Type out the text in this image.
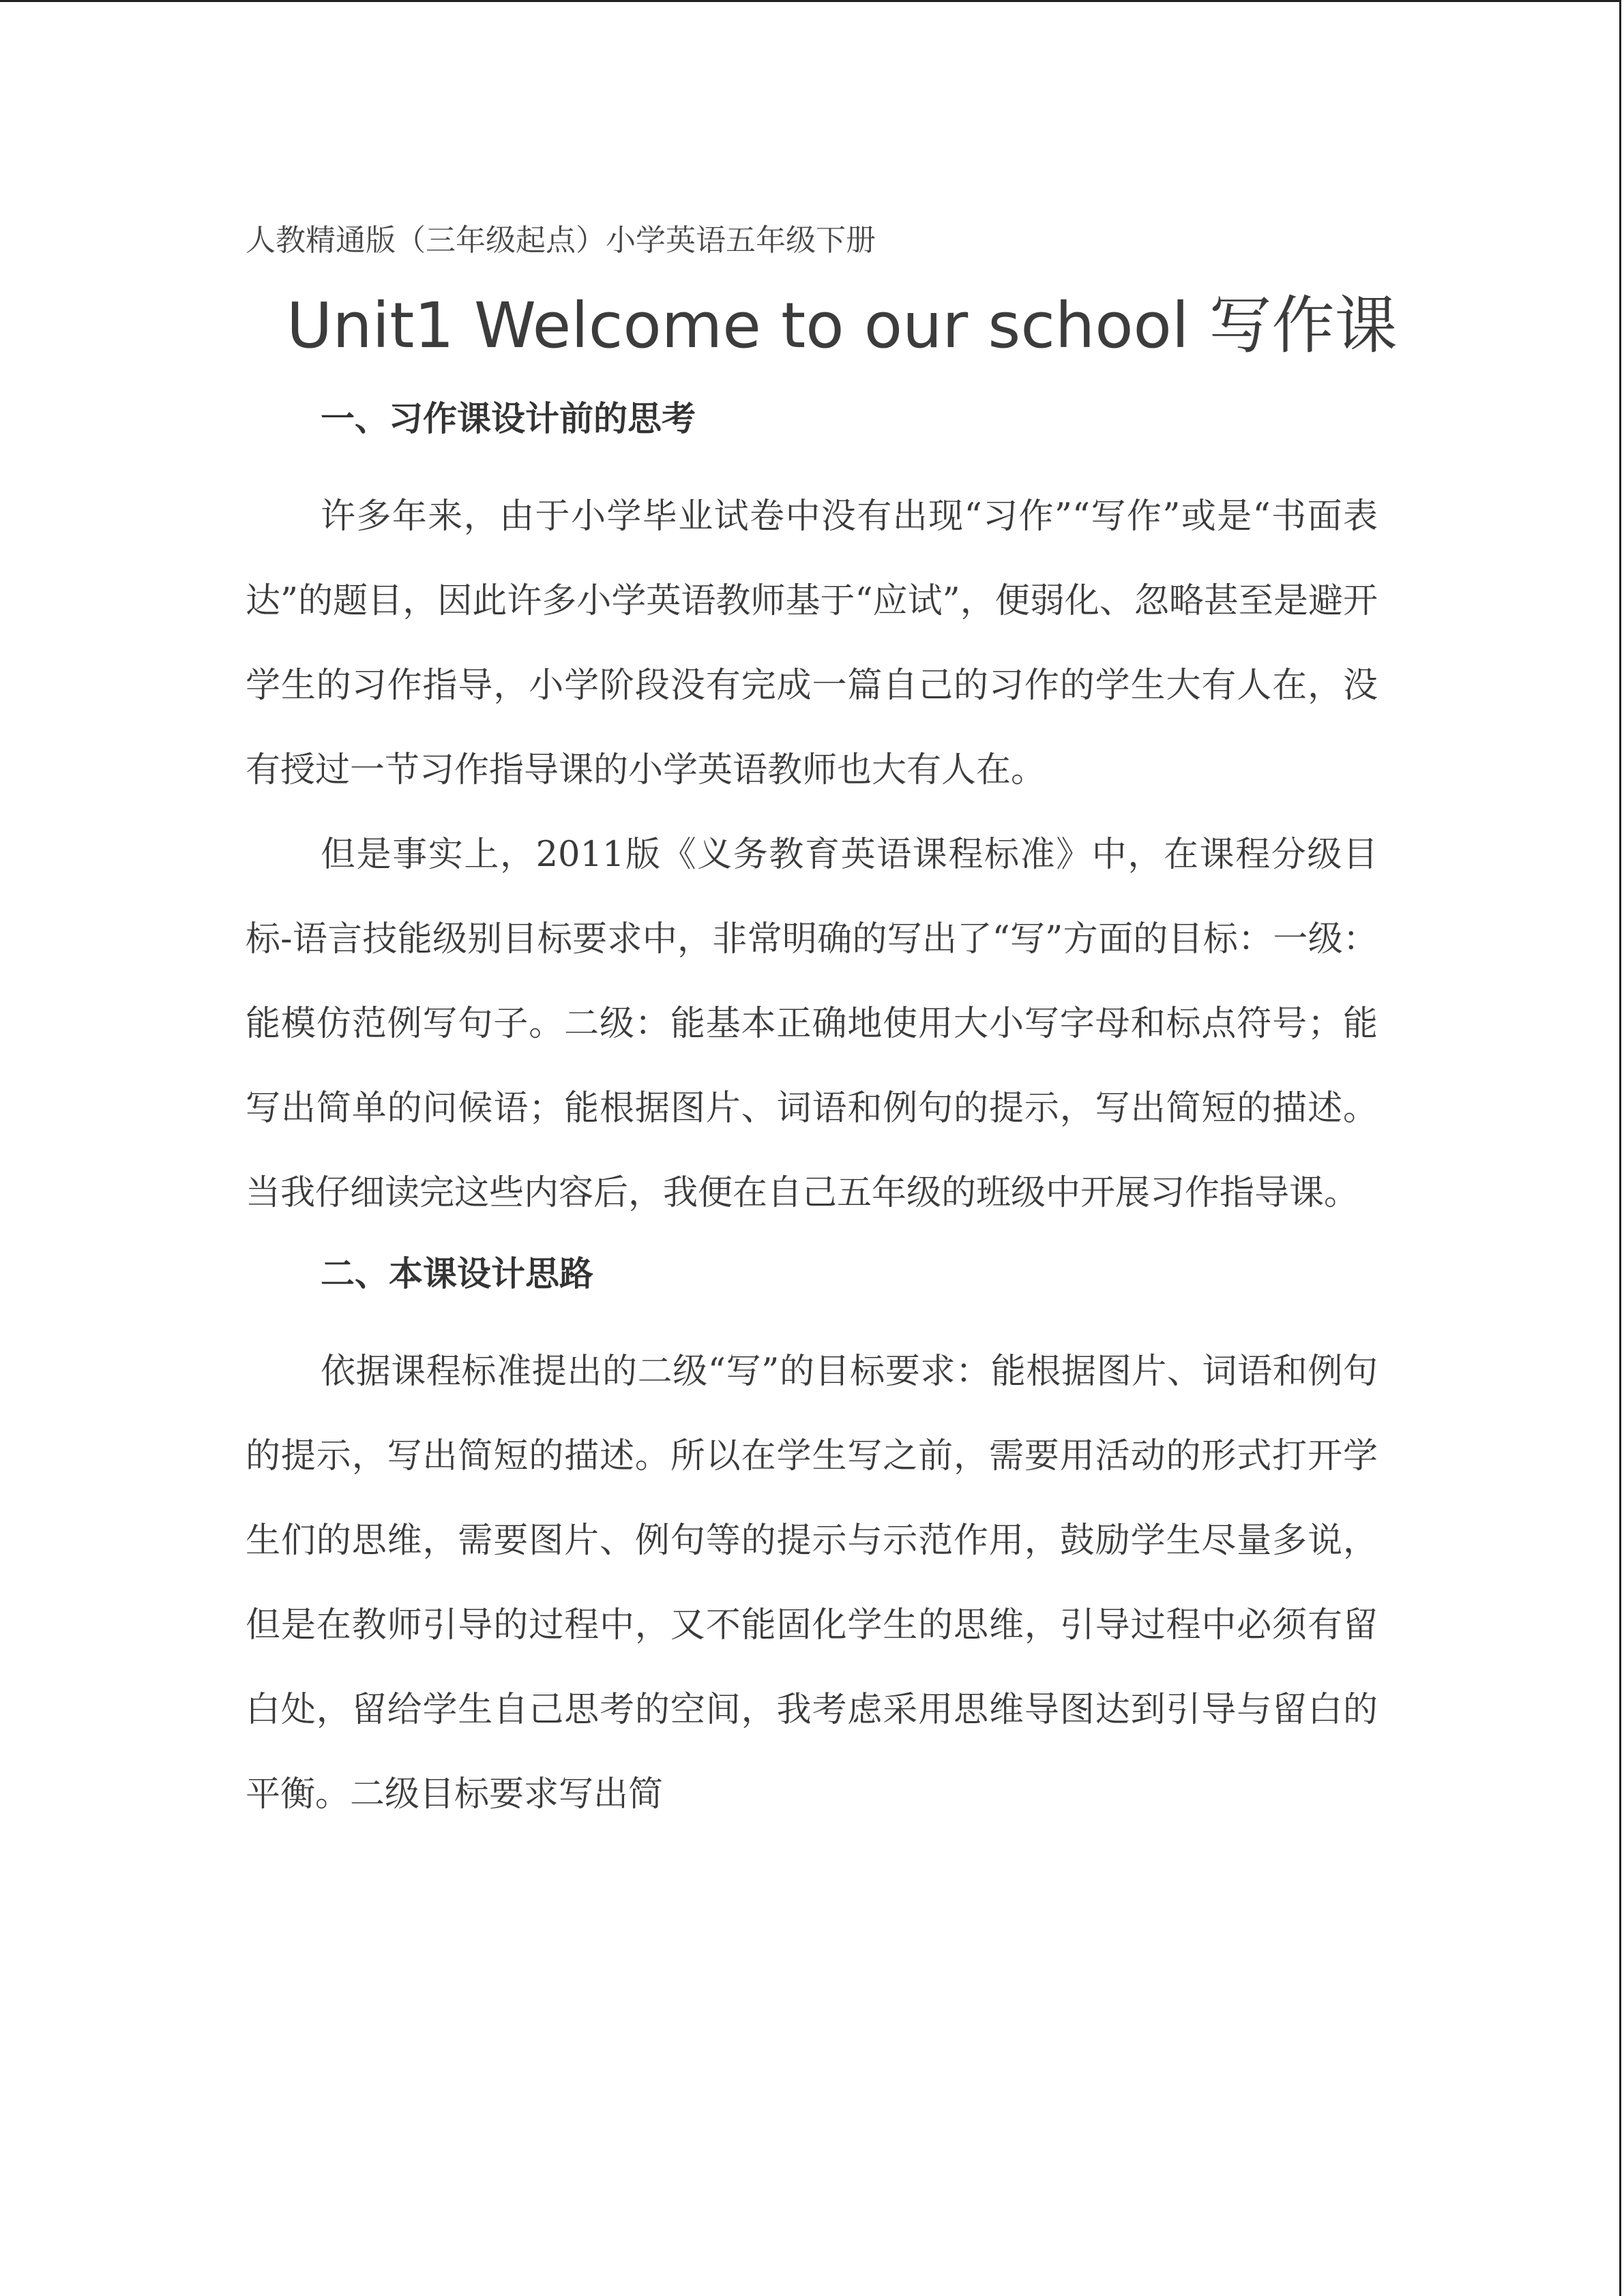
人教精通版（三年级起点）小学英语五年级下册

Unit1 Welcome to our school 写作课
一、习作课设计前的思考

许多年来，由于小学毕业试卷中没有出现“习作”“写作”或是“书面表达”的题目，因此许多小学英语教师基于“应试”，便弱化、忽略甚至是避开学生的习作指导，小学阶段没有完成一篇自己的习作的学生大有人在，没有授过一节习作指导课的小学英语教师也大有人在。

但是事实上，2011版《义务教育英语课程标准》中，在课程分级目标-语言技能级别目标要求中，非常明确的写出了“写”方面的目标：一级：能模仿范例写句子。二级：能基本正确地使用大小写字母和标点符号；能写出简单的问候语；能根据图片、词语和例句的提示，写出简短的描述。当我仔细读完这些内容后，我便在自己五年级的班级中开展习作指导课。

二、本课设计思路

依据课程标准提出的二级“写”的目标要求：能根据图片、词语和例句的提示，写出简短的描述。所以在学生写之前，需要用活动的形式打开学生们的思维，需要图片、例句等的提示与示范作用，鼓励学生尽量多说，但是在教师引导的过程中，又不能固化学生的思维，引导过程中必须有留白处，留给学生自己思考的空间，我考虑采用思维导图达到引导与留白的平衡。二级目标要求写出简
